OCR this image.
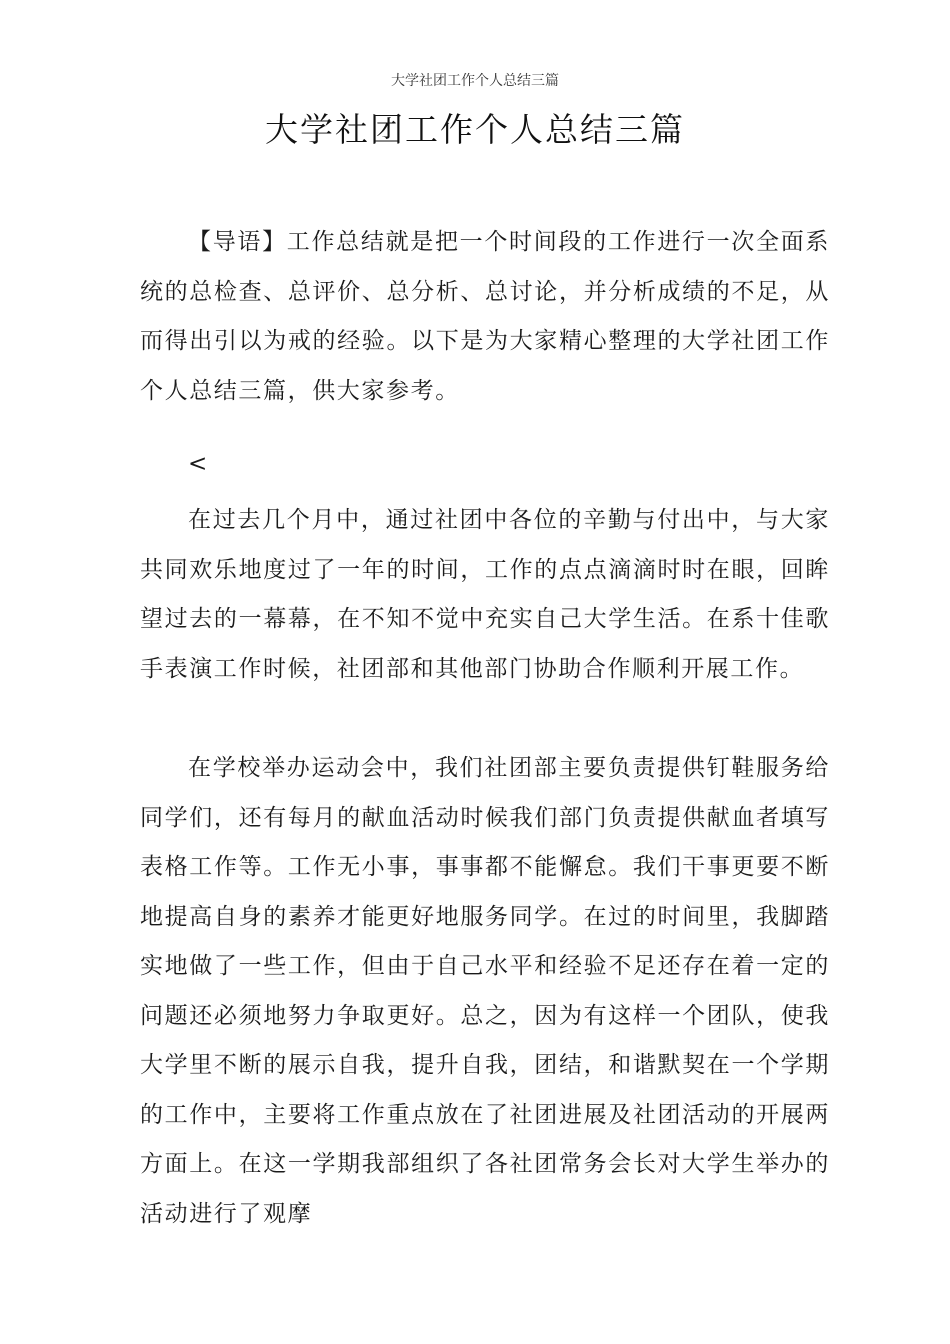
大学社团工作个人总结三篇
大学社团工作个人总结三篇

【导语】工作总结就是把一个时间段的工作进行一次全面系统的总检查、总评价、总分析、总讨论，并分析成绩的不足，从而得出引以为戒的经验。以下是为大家精心整理的大学社团工作个人总结三篇，供大家参考。

<

在过去几个月中，通过社团中各位的辛勤与付出中，与大家共同欢乐地度过了一年的时间，工作的点点滴滴时时在眼，回眸望过去的一幕幕，在不知不觉中充实自己大学生活。在系十佳歌手表演工作时候，社团部和其他部门协助合作顺利开展工作。

在学校举办运动会中，我们社团部主要负责提供钉鞋服务给同学们，还有每月的献血活动时候我们部门负责提供献血者填写表格工作等。工作无小事，事事都不能懈怠。我们干事更要不断地提高自身的素养才能更好地服务同学。在过的时间里，我脚踏实地做了一些工作，但由于自己水平和经验不足还存在着一定的问题还必须地努力争取更好。总之，因为有这样一个团队，使我大学里不断的展示自我，提升自我，团结，和谐默契在一个学期的工作中，主要将工作重点放在了社团进展及社团活动的开展两方面上。在这一学期我部组织了各社团常务会长对大学生举办的活动进行了观摩
